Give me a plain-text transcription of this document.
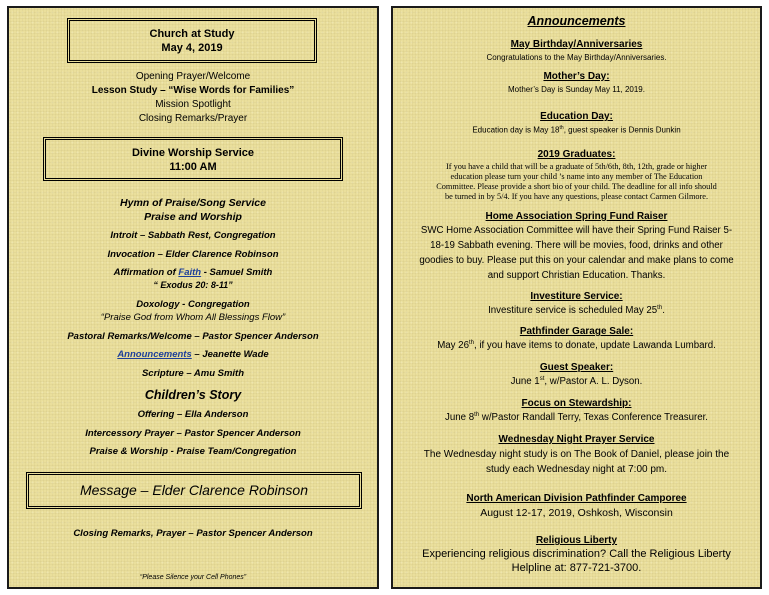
Church at Study
May 4, 2019
Opening Prayer/Welcome
Lesson Study – “Wise Words for Families”
Mission Spotlight
Closing Remarks/Prayer
Divine Worship Service
11:00 AM
Hymn of Praise/Song Service
Praise and Worship
Introit – Sabbath Rest, Congregation
Invocation – Elder Clarence Robinson
Affirmation of Faith - Samuel Smith
“ Exodus 20: 8-11”
Doxology - Congregation
“Praise God from Whom All Blessings Flow”
Pastoral Remarks/Welcome – Pastor Spencer Anderson
Announcements – Jeanette Wade
Scripture – Amu Smith
Children’s Story
Offering – Ella Anderson
Intercessory Prayer – Pastor Spencer Anderson
Praise & Worship - Praise Team/Congregation
Message – Elder Clarence Robinson
Closing Remarks, Prayer – Pastor Spencer Anderson
“Please Silence your Cell Phones”
Announcements
May Birthday/Anniversaries
Congratulations to the May Birthday/Anniversaries.
Mother’s Day:
Mother’s Day is Sunday May 11, 2019.
Education Day:
Education day is May 18th, guest speaker is Dennis Dunkin
2019 Graduates:
If you have a child that will be a graduate of 5th/6th, 8th, 12th, grade or higher
education please turn your child ’s name into any member of The Education
Committee. Please provide a short bio of your child. The deadline for all info should
be turned in by 5/4. If you have any questions, please contact Carmen Gilmore.
Home Association Spring Fund Raiser
SWC Home Association Committee will have their Spring Fund Raiser 5-
18-19 Sabbath evening. There will be movies, food, drinks and other
goodies to buy. Please put this on your calendar and make plans to come
and support Christian Education. Thanks.
Investiture Service:
Investiture service is scheduled May 25th.
Pathfinder Garage Sale:
May 26th, if you have items to donate, update Lawanda Lumbard.
Guest Speaker:
June 1st, w/Pastor A. L. Dyson.
Focus on Stewardship:
June 8th w/Pastor Randall Terry, Texas Conference Treasurer.
Wednesday Night Prayer Service
The Wednesday night study is on The Book of Daniel, please join the
study each Wednesday night at 7:00 pm.
North American Division Pathfinder Camporee
August 12-17, 2019, Oshkosh, Wisconsin
Religious Liberty
Experiencing religious discrimination? Call the Religious Liberty
Helpline at: 877-721-3700.
